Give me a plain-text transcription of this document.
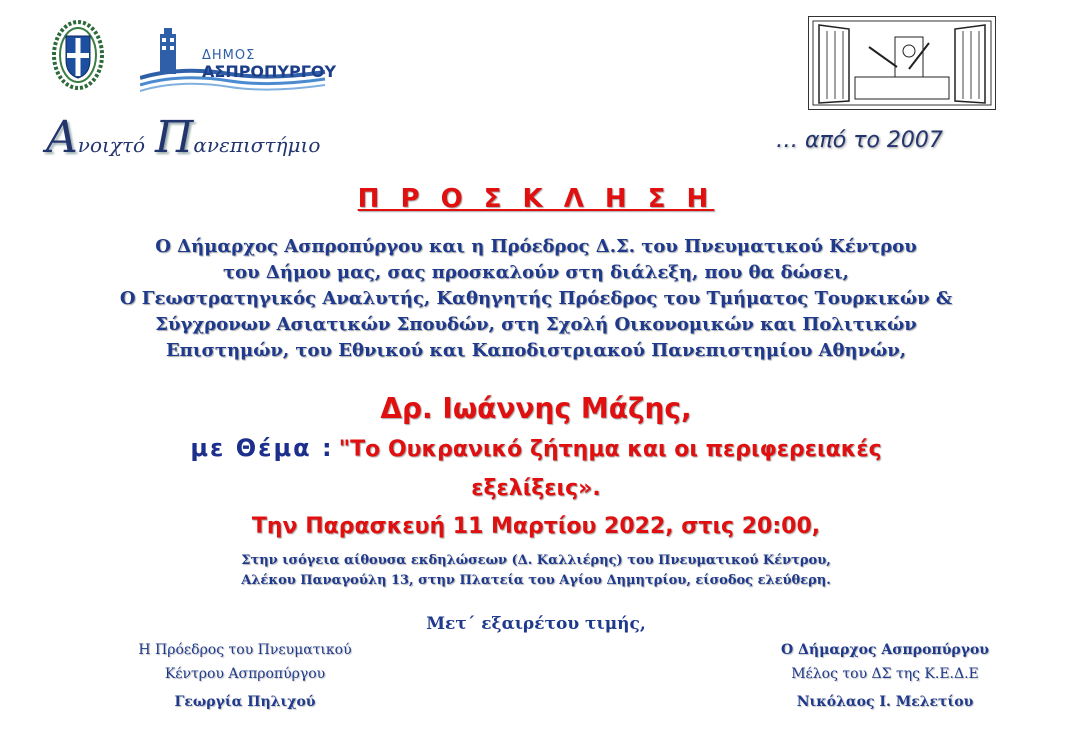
ΔΗΜΟΣ
ΑΣΠΡΟΠΥΡΓΟΥ
Ανοιχτό Πανεπιστήμιο	… από το 2007
Π Ρ Ο Σ Κ Λ Η Σ Η
Ο Δήμαρχος Ασπροπύργου και η Πρόεδρος Δ.Σ. του Πνευματικού Κέντρου
του Δήμου μας, σας προσκαλούν στη διάλεξη, που θα δώσει,
Ο Γεωστρατηγικός Αναλυτής, Καθηγητής Πρόεδρος του Τμήματος Τουρκικών &
Σύγχρονων Ασιατικών Σπουδών, στη Σχολή Οικονομικών και Πολιτικών
Επιστημών, του Εθνικού και Καποδιστριακού Πανεπιστημίου Αθηνών,
Δρ. Ιωάννης Μάζης,
με Θέμα : "Το Ουκρανικό ζήτημα και οι περιφερειακές
εξελίξεις».
Την Παρασκευή 11 Μαρτίου 2022, στις 20:00,
Στην ισόγεια αίθουσα εκδηλώσεων (Δ. Καλλιέρης) του Πνευματικού Κέντρου,
Αλέκου Παναγούλη 13, στην Πλατεία του Αγίου Δημητρίου, είσοδος ελεύθερη.
Μετ΄ εξαιρέτου τιμής,
Η Πρόεδρος του Πνευματικού
Κέντρου Ασπροπύργου
Γεωργία Πηλιχού
Ο Δήμαρχος Ασπροπύργου
Μέλος του ΔΣ της Κ.Ε.Δ.Ε
Νικόλαος Ι. Μελετίου
